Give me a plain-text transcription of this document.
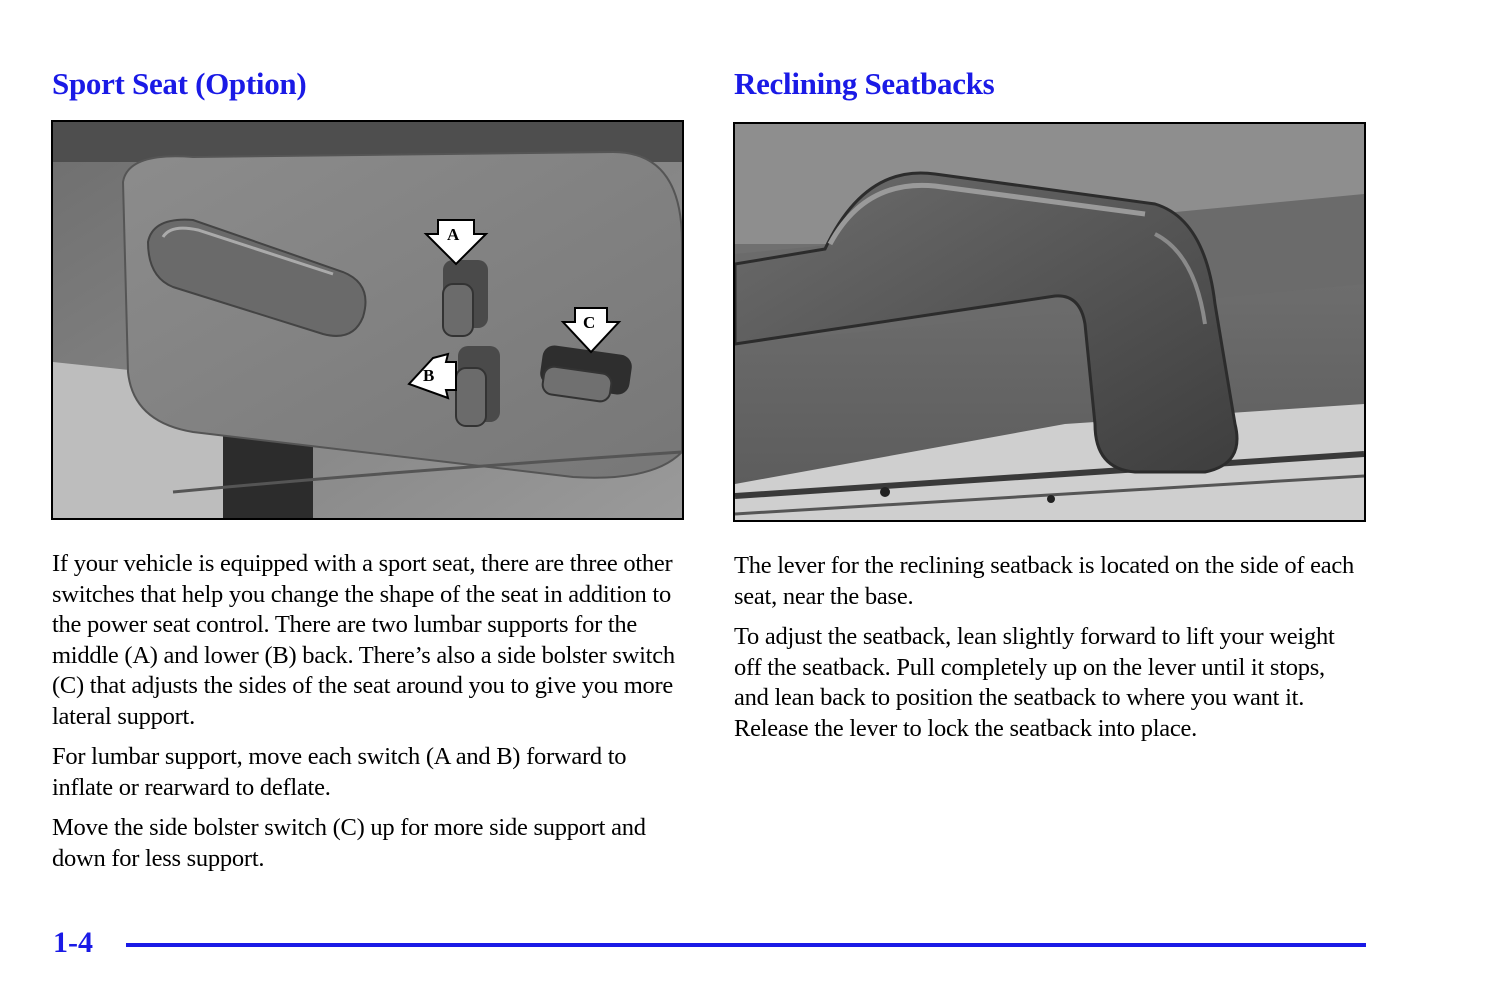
Sport Seat (Option)
A
C
B

If your vehicle is equipped with a sport seat, there are three other switches that help you change the shape of the seat in addition to the power seat control. There are two lumbar supports for the middle (A) and lower (B) back. There’s also a side bolster switch (C) that adjusts the sides of the seat around you to give you more lateral support.

For lumbar support, move each switch (A and B) forward to inflate or rearward to deflate.

Move the side bolster switch (C) up for more side support and down for less support.

Reclining Seatbacks

The lever for the reclining seatback is located on the side of each seat, near the base.

To adjust the seatback, lean slightly forward to lift your weight off the seatback. Pull completely up on the lever until it stops, and lean back to position the seatback to where you want it. Release the lever to lock the seatback into place.

1-4
